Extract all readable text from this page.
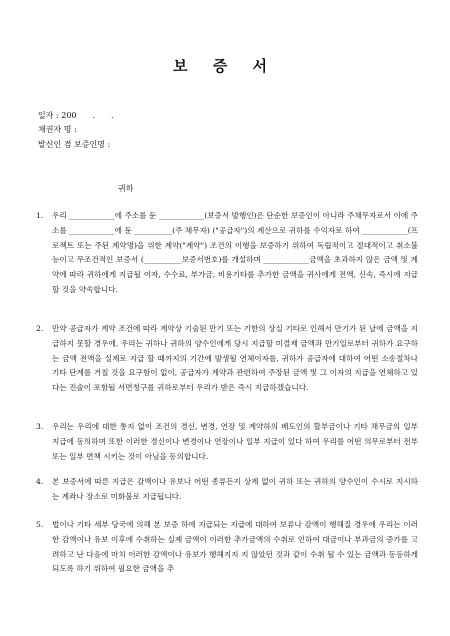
보 증 서
일자 : 200　　.　　.
채권자 명 :
발신인 겸 보증인명 :
귀하
1.	우리 ____________에 주소를 둔 ____________(보증서 발행인)은 단순한 보증인이 아니라 주채무자로서 이에 주소를 ____________에 둔 __________(주 채무자) ("공급자")의 계산으로 귀하를 수익자로 하여 ____________(프로젝트 또는 주된 계약명)을 위한 계약("계약") 조건의 이행을 보증하기 위하여 독립적이고 절대적이고 취소불능이고 무조건적인 보증서 (__________보증서번호)를 개설하며 ____________금액을 초과하지 않은 금액 및 계약에 따라 귀하에게 지급될 이자, 수수료, 부가금, 비용기타를 추가한 금액을 귀사에게 전액, 신속, 즉시에 지급할 것을 약속합니다.
2.	만약 공급자가 계약 조건에 따라 계약상 기술된 만기 또는 기한의 상실 기타로 인해서 만기가 된 날에 금액을 지급하지 못할 경우에, 우리는 귀하나 귀하의 양수인에게 당시 지급할 미결제 금액과 만기일로부터 귀하가 요구하는 금액 전액을 실제로 지급 할 때까지의 기간에 발생될 연체이자를, 귀하가 공급자에 대하여 어떤 소송절차나 기타 단계를 거칠 것을 요구함이 없이, 공급자가 계약과 관련하여 주장된 금액 및 그 이자의 지급을 연체하고 있다는 진술이 포함될 서면청구를 귀하로부터 우리가 받은 즉시 지급하겠습니다.
3.	우리는 우리에 대한 통지 없이 조건의 경신, 변경, 연장 및 계약하의 배도인의 할부금이나 기타 채무금의 일부 지급에 동의하며 또한 이러한 경신이나 변경이나 연장이나 일부 지급이 있다 하여 우리를 어떤 의무로부터 전부 또는 일부 면책 시키는 것이 아님을 동의합니다.
4.	본 보증서에 따른 지급은 감액이나 유보나 어떤 종류든지 상계 없이 귀하 또는 귀하의 양수인이 수시로 지시하는 계좌나 장소로 미화불로 지급됩니다.
5.	법이나 기타 세부 당국에 의해 본 보증 하에 지급되는 지급에 대하여 보류나 감액이 행해질 경우에 우리는 이러한 감액이나 유보 이후에 수취하는 실제 금액이 이러한 추가금액의 수취로 인하여 대금이나 부과금의 증가를 고려하고 난 다음에 마치 이러한 감액이나 유보가 행해지지 지 않았던 것과 같이 수취 될 수 있는 금액과 동등하게 되도록 하기 위하여 필요한 금액을 추
